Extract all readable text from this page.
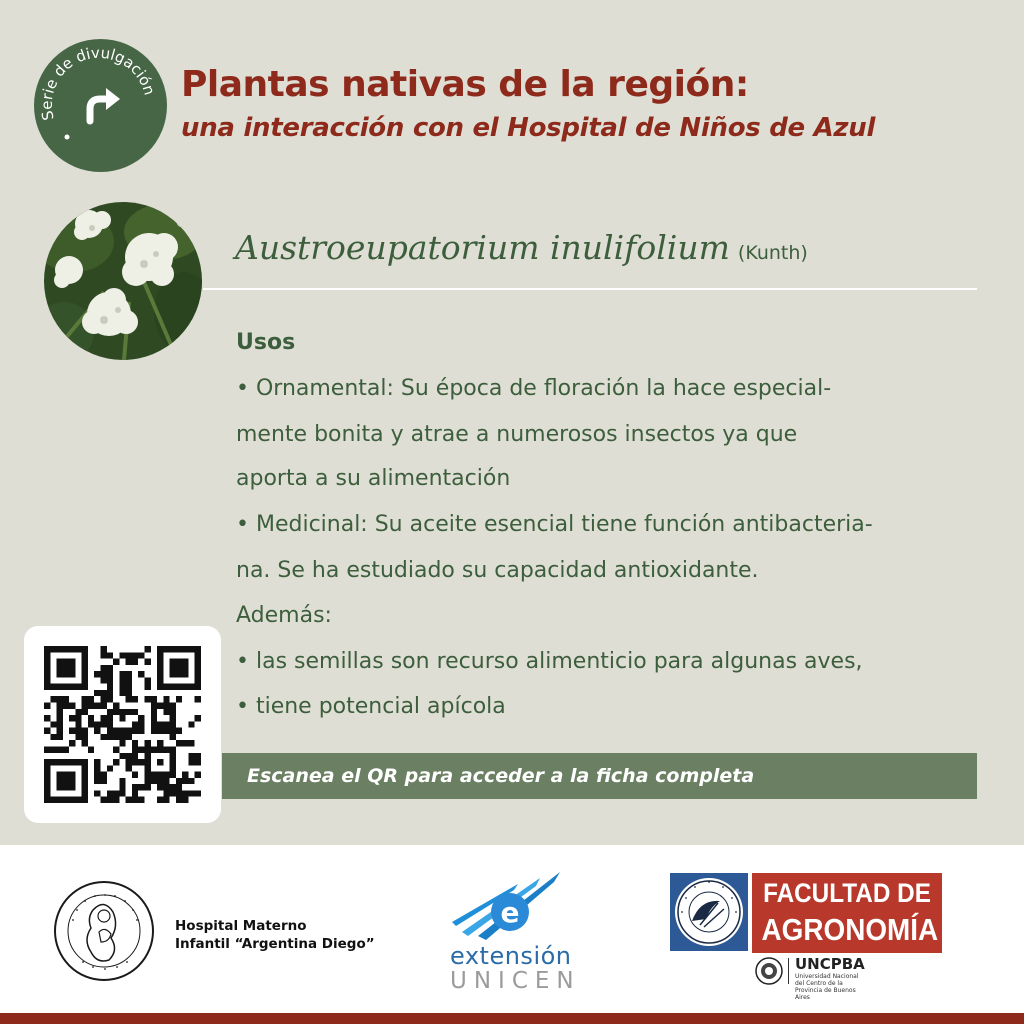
Serie de divulgación Plantas nativas de la región:
una interacción con el Hospital de Niños de Azul
Austroeupatorium inulifolium (Kunth)
Usos
• Ornamental: Su época de floración la hace especial-
mente bonita y atrae a numerosos insectos ya que
aporta a su alimentación
• Medicinal: Su aceite esencial tiene función antibacteria-
na. Se ha estudiado su capacidad antioxidante.
Además:
• las semillas son recurso alimenticio para algunas aves,
• tiene potencial apícola
Escanea el QR para acceder a la ficha completa
Hospital Materno
Infantil “Argentina Diego”
e
extensión
UNICEN
FACULTAD DE
AGRONOMÍA
UNCPBA
Universidad Nacional del Centro de la Provincia de Buenos Aires
